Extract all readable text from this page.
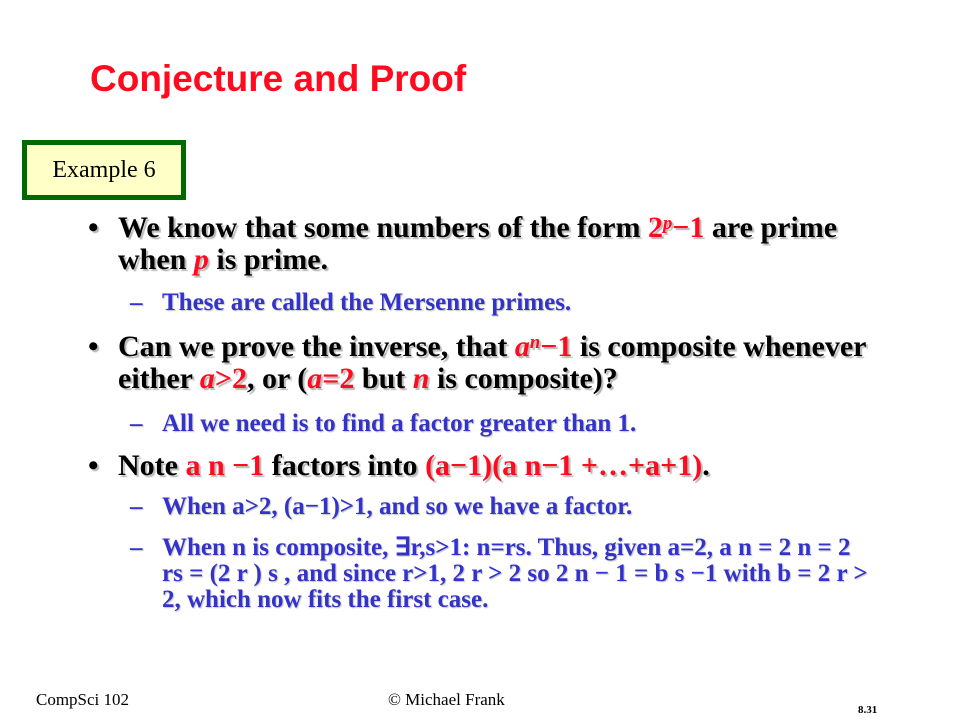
Conjecture and Proof
Example 6
• We know that some numbers of the form $2^p-1$ are prime when p is prime.
– These are called the Mersenne primes.
• Can we prove the inverse, that $a^n-1$ is composite whenever either a>2, or (a=2 but n is composite)?
– All we need is to find a factor greater than 1.
• Note a n −1 factors into (a−1)(a n−1 +…+a+1).
– When a>2, (a−1)>1, and so we have a factor.
– When n is composite, ∃r,s>1: n=rs. Thus, given a=2, a n = 2 n = 2 rs = (2 r ) s , and since r>1, 2 r > 2 so 2 n − 1 = b s −1 with b = 2 r > 2, which now fits the first case.
CompSci 102	© Michael Frank
8.31
